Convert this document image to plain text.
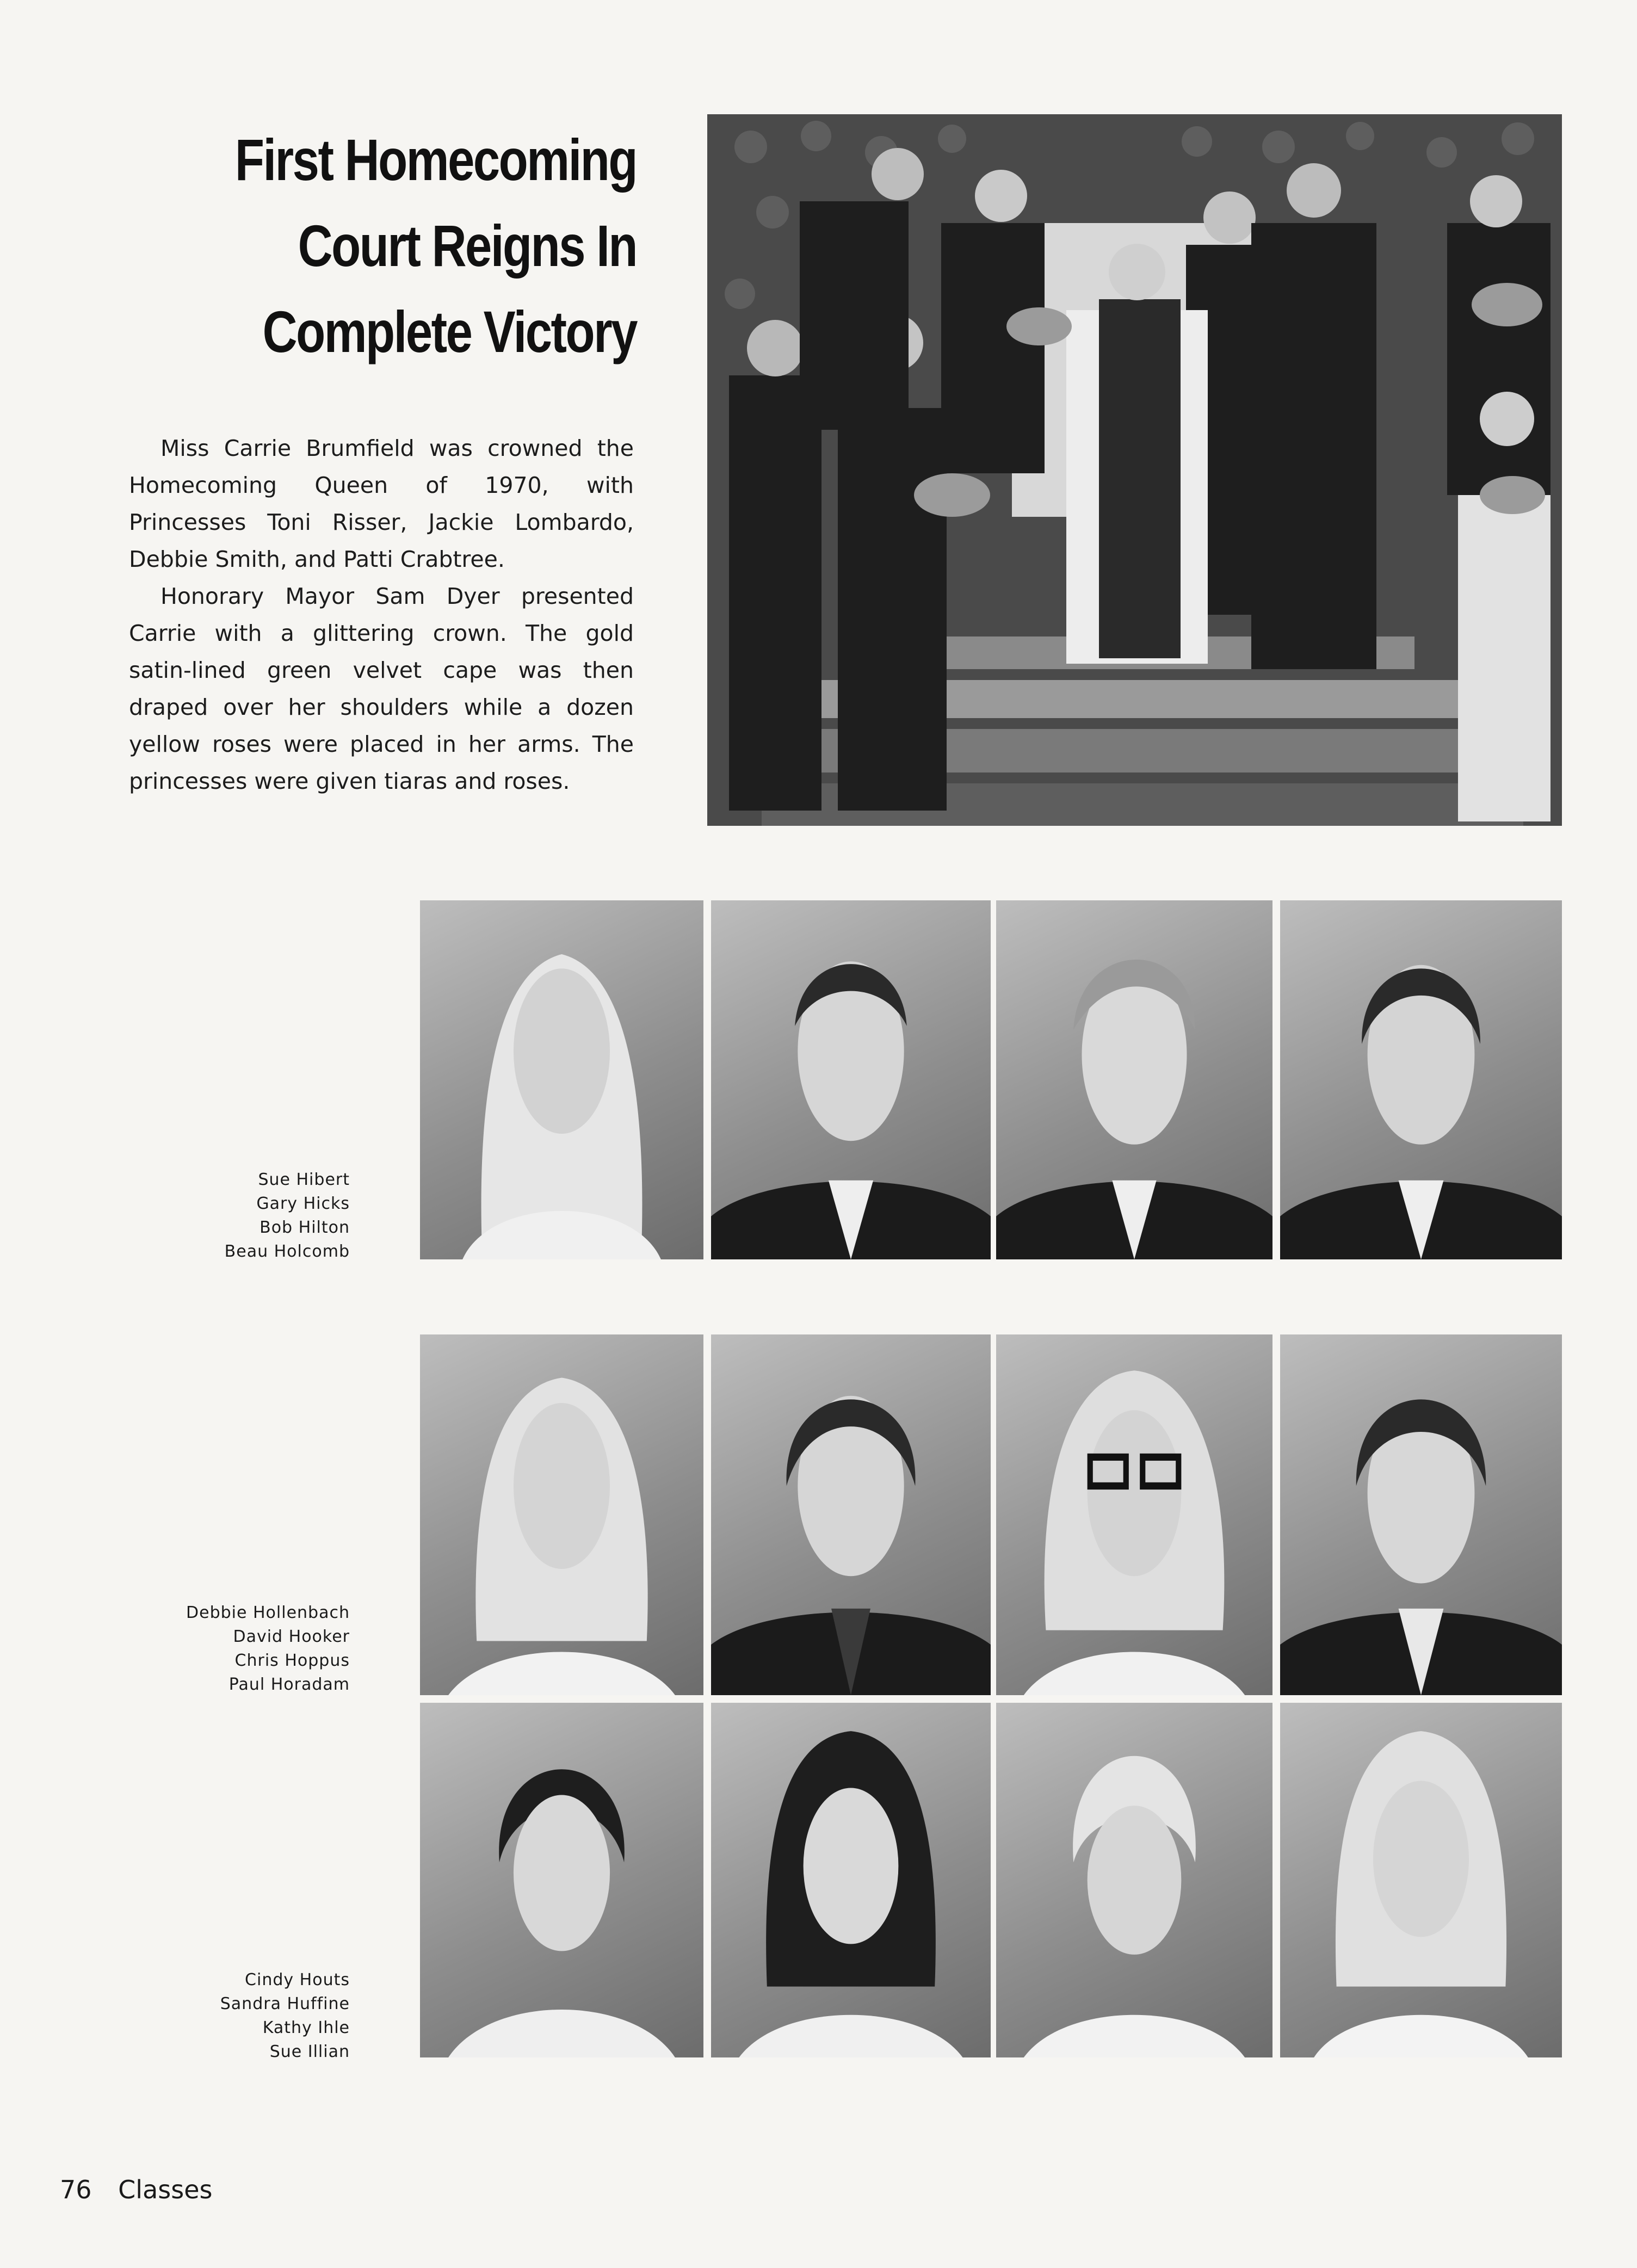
First Homecoming
Court Reigns In
Complete Victory

Miss Carrie Brumfield was crowned the Homecoming Queen of 1970, with Princesses Toni Risser, Jackie Lombardo, Debbie Smith, and Patti Crabtree.

Honorary Mayor Sam Dyer presented Carrie with a glittering crown. The gold satin-lined green velvet cape was then draped over her shoulders while a dozen yellow roses were placed in her arms. The princesses were given tiaras and roses.

Sue Hibert
Gary Hicks
Bob Hilton
Beau Holcomb
Debbie Hollenbach
David Hooker
Chris Hoppus
Paul Horadam
Cindy Houts
Sandra Huffine
Kathy Ihle
Sue Illian
76 Classes
